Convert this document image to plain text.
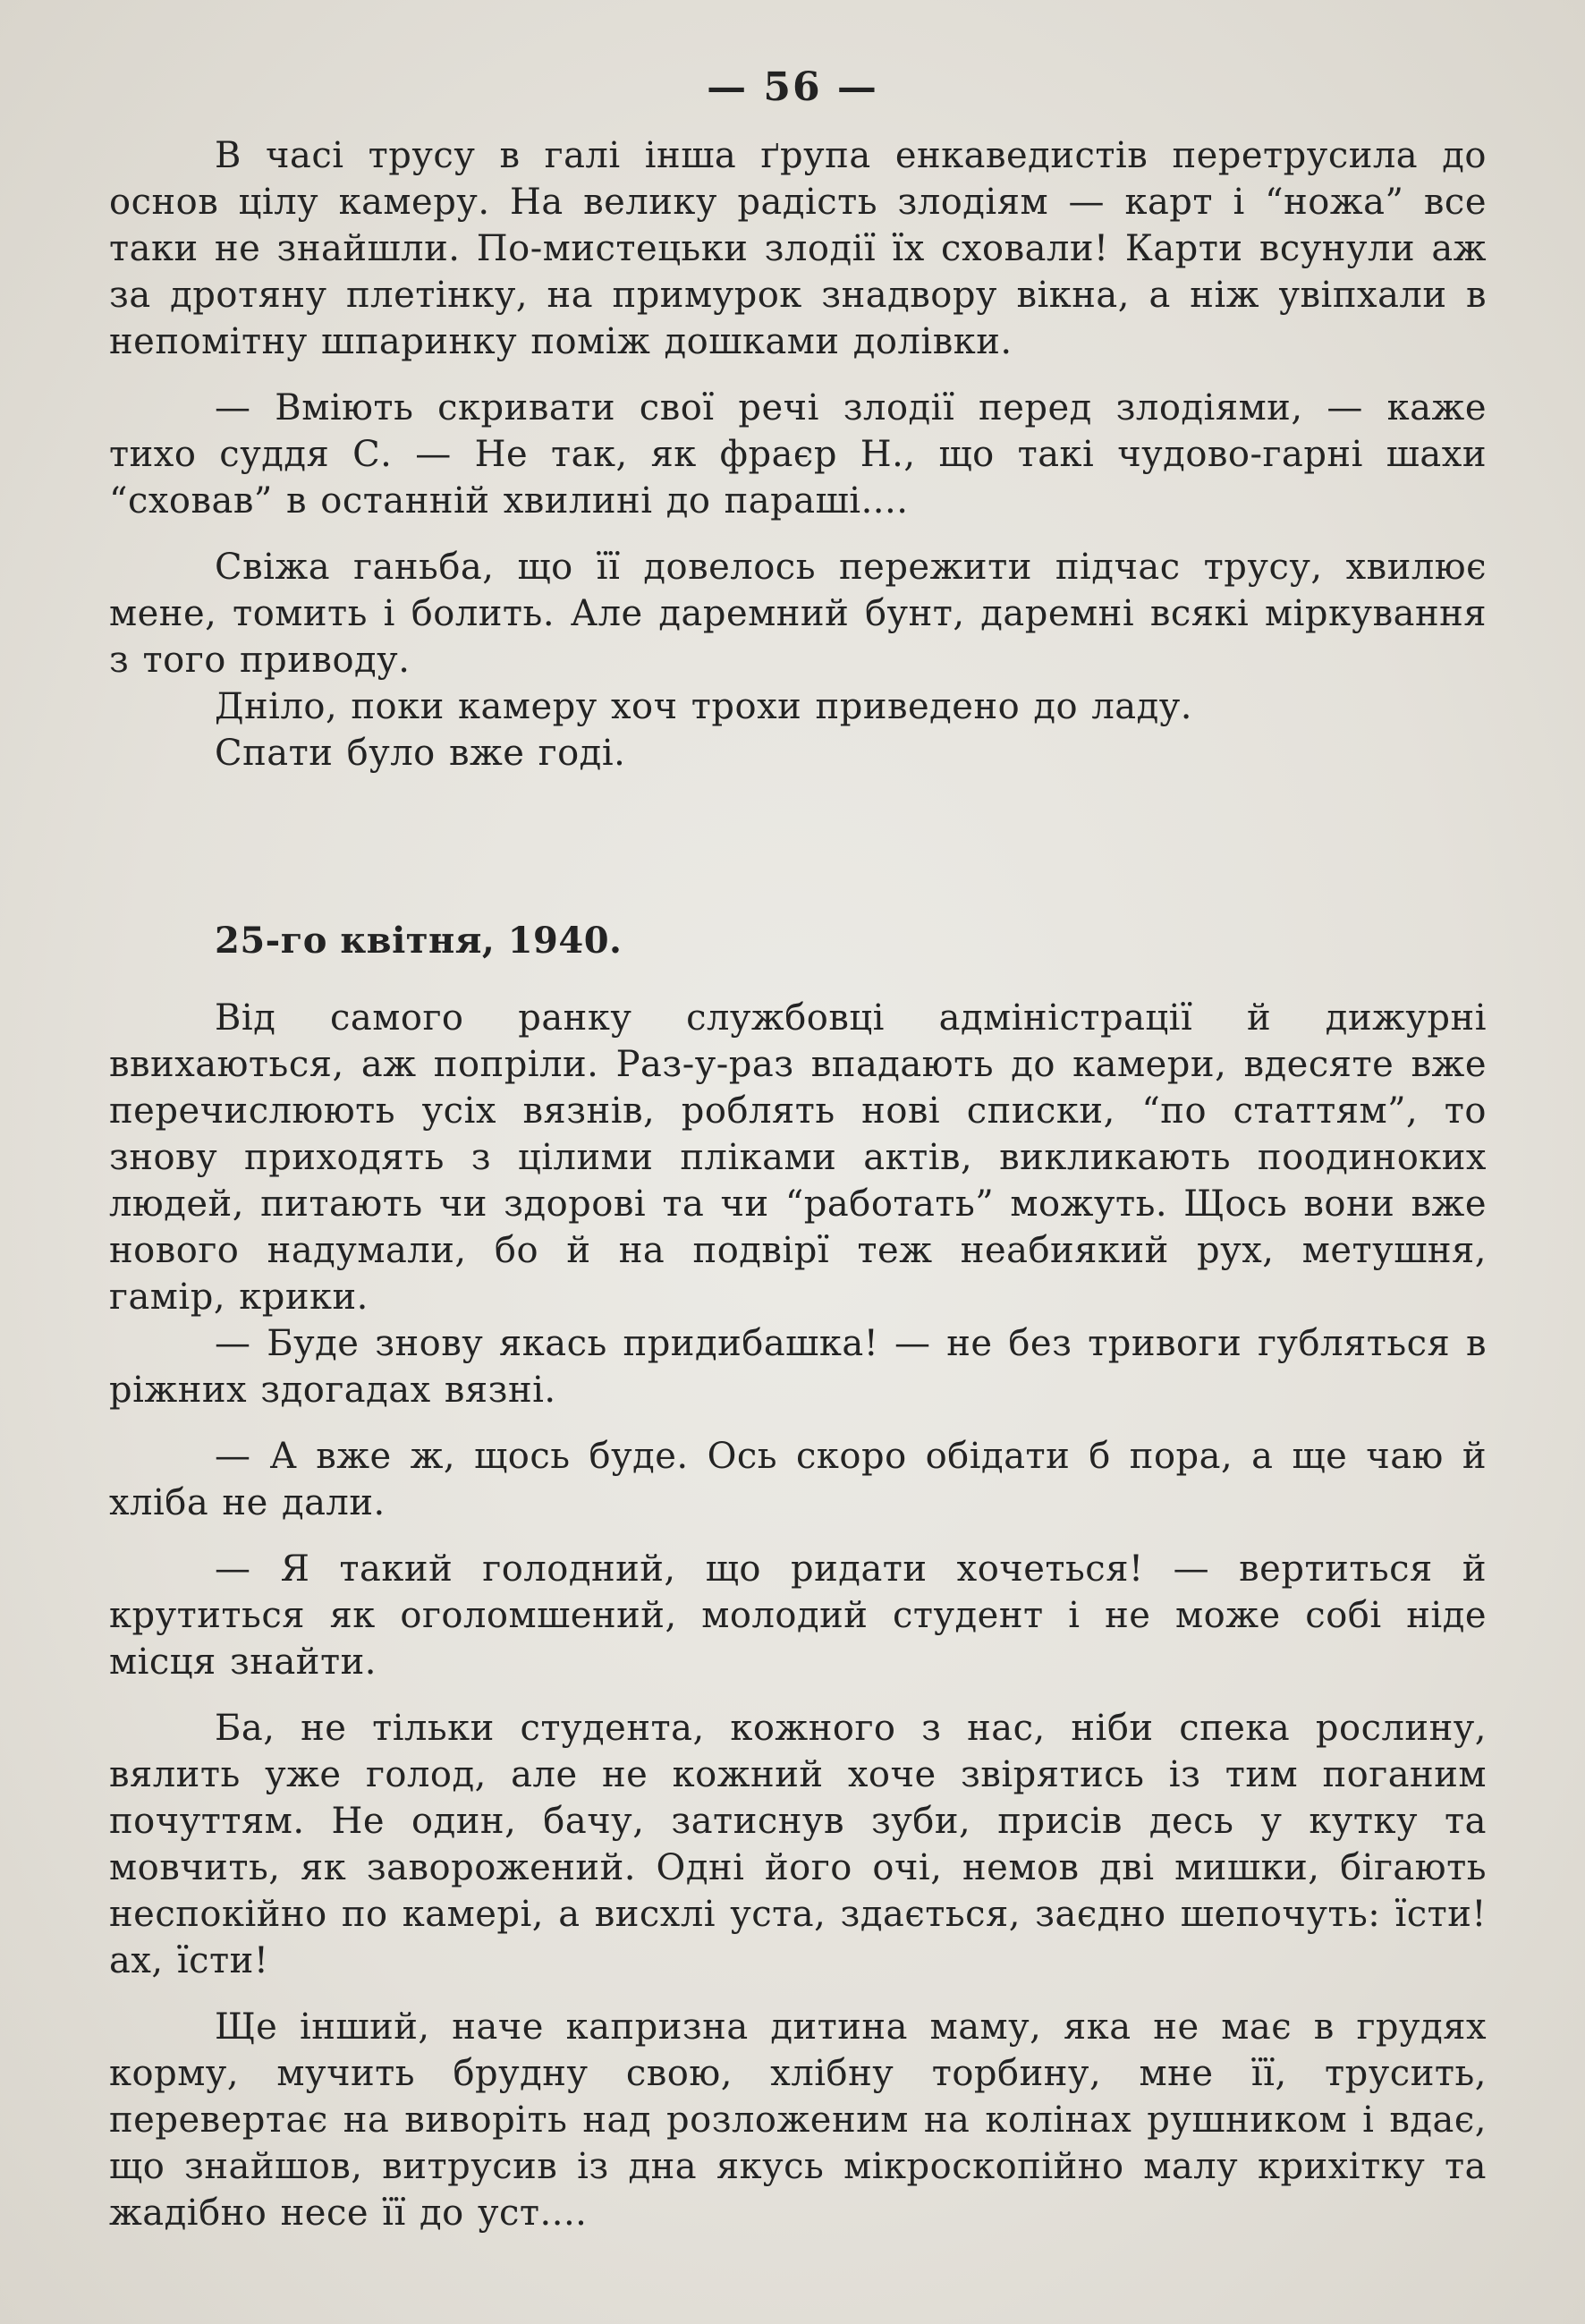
— 56 —

В часі трусу в галі інша ґрупа енкаведистів перетрусила до основ цілу камеру. На велику радість злодіям — карт і “ножа” все таки не знайшли. По-мистецьки злодії їх сховали! Карти всунули аж за дротяну плетінку, на примурок знадвору вікна, а ніж увіпхали в непомітну шпаринку поміж дошками долівки.

— Вміють скривати свої речі злодії перед злодіями, — каже тихо суддя С. — Не так, як фраєр Н., що такі чудово-гарні шахи “сховав” в останній хвилині до параші....

Свіжа ганьба, що її довелось пережити підчас трусу, хвилює мене, томить і болить. Але даремний бунт, даремні всякі міркування з того приводу.

Дніло, поки камеру хоч трохи приведено до ладу.

Спати було вже годі.

25-го квітня, 1940.

Від самого ранку службовці адміністрації й дижурні ввихаються, аж попріли. Раз-у-раз впадають до камери, вдесяте вже перечислюють усіх вязнів, роблять нові списки, “по статтям”, то знову приходять з цілими пліками актів, викликають поодиноких людей, питають чи здорові та чи “работать” можуть. Щось вони вже нового надумали, бо й на подвірї теж неабиякий рух, метушня, гамір, крики.

— Буде знову якась придибашка! — не без тривоги губляться в ріжних здогадах вязні.

— А вже ж, щось буде. Ось скоро обідати б пора, а ще чаю й хліба не дали.

— Я такий голодний, що ридати хочеться! — вертиться й крутиться як оголомшений, молодий студент і не може собі ніде місця знайти.

Ба, не тільки студента, кожного з нас, ніби спека рослину, вялить уже голод, але не кожний хоче звірятись із тим поганим почуттям. Не один, бачу, затиснув зуби, присів десь у кутку та мовчить, як заворожений. Одні його очі, немов дві мишки, бігають неспокійно по камері, а висхлі уста, здається, заєдно шепочуть: їсти! ах, їсти!

Ще інший, наче капризна дитина маму, яка не має в грудях корму, мучить брудну свою, хлібну торбину, мне її, трусить, перевертає на виворіть над розложеним на колінах рушником і вдає, що знайшов, витрусив із дна якусь мікроскопійно малу крихітку та жадібно несе її до уст....
